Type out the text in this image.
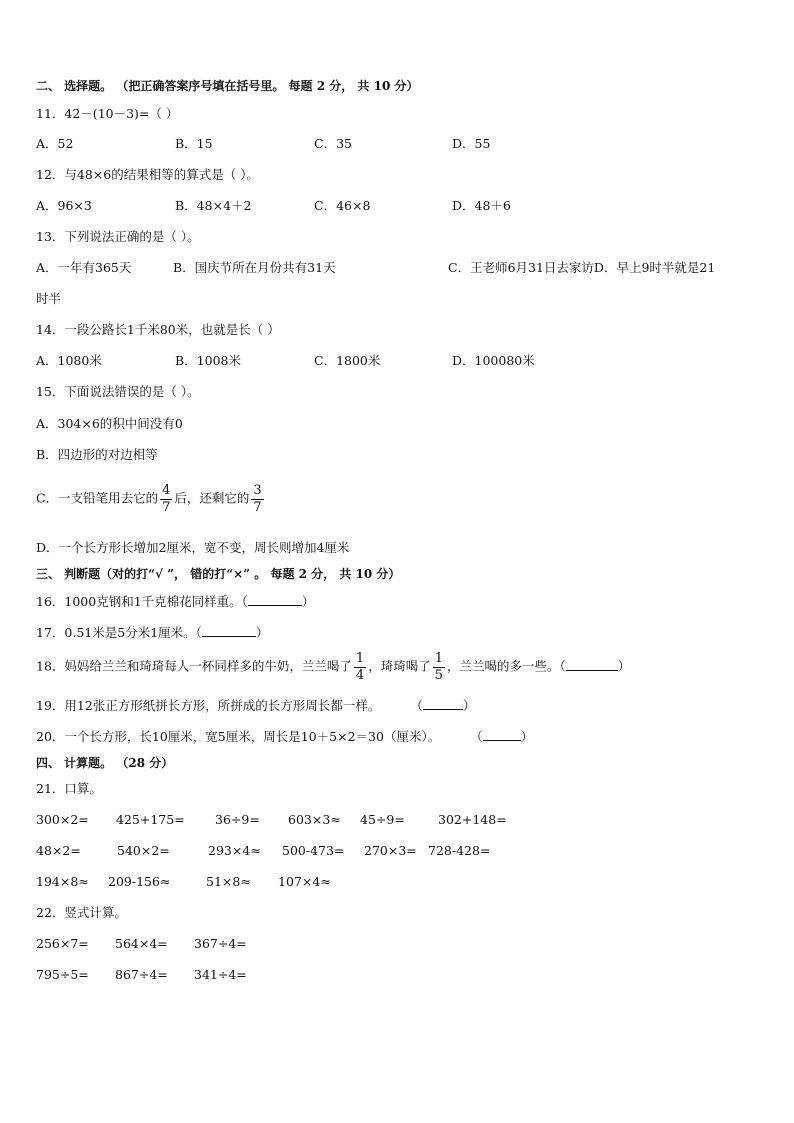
二、 选择题。 （把正确答案序号填在括号里。 每题 2 分， 共 10 分）
11．42－(10－3)=（ ）
A．52	B．15	C．35	D．55
12．与48×6的结果相等的算式是（ ）。
A．96×3	B．48×4＋2	C．46×8	D．48＋6
13．下列说法正确的是（ ）。
A．一年有365天	B．国庆节所在月份共有31天	C．王老师6月31日去家访D．早上9时半就是21
时半
14．一段公路长1千米80米，也就是长（ ）
A．1080米	B．1008米	C．1800米	D．100080米
15．下面说法错误的是（ ）。
A．304×6的积中间没有0
B．四边形的对边相等
C．一支铅笔用去它的 $\frac{4}{7}$ 后，还剩它的 $\frac{3}{7}$
D．一个长方形长增加2厘米，宽不变，周长则增加4厘米
三、 判断题（对的打“√ ”， 错的打“×” 。 每题 2 分， 共 10 分）
16．1000克钢和1千克棉花同样重。（	）
17．0.51米是5分米1厘米。（	）
18．妈妈给兰兰和琦琦每人一杯同样多的牛奶，兰兰喝了 $\frac{1}{4}$ ，琦琦喝了 $\frac{1}{5}$ ，兰兰喝的多一些。（	）
19．用12张正方形纸拼长方形，所拼成的长方形周长都一样。 （	）
20．一个长方形，长10厘米，宽5厘米，周长是10＋5×2＝30（厘米）。 （	）
四、 计算题。 （28 分）
21．口算。
300×2= 425+175= 36÷9= 603×3≈ 45÷9=	302+148=
48×2=	540×2=	293×4≈ 500-473= 270×3= 728-428=
194×8≈ 209-156≈	51×8≈ 107×4≈
22．竖式计算。
256×7= 564×4= 367÷4=
795÷5= 867÷4= 341÷4=
